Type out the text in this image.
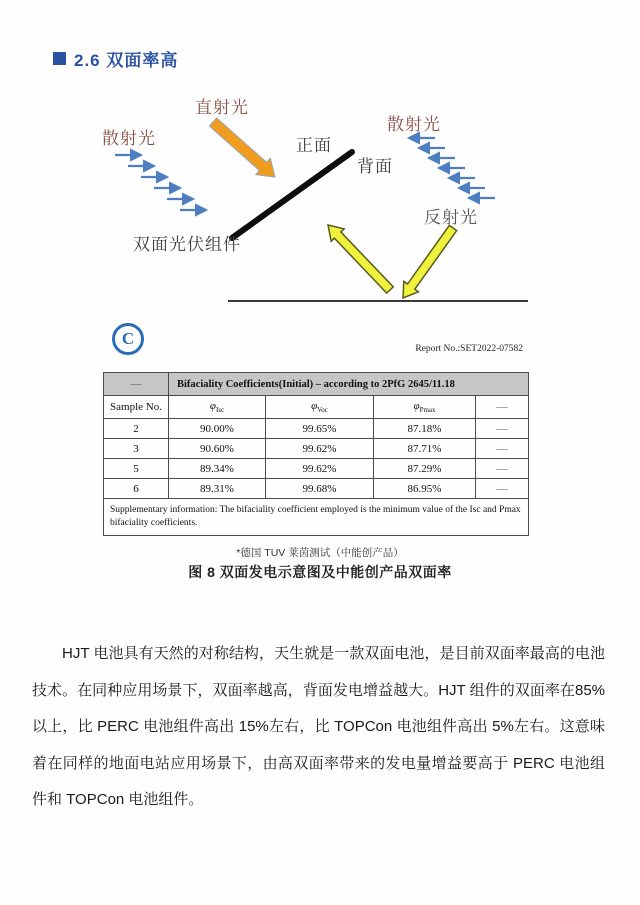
2.6 双面率高
直射光
散射光
散射光
正面
背面
反射光
双面光伏组件
C
Report No.:SET2022-07582
—	Bifaciality Coefficients(Initial) – according to 2PfG 2645/11.18			
Sample No.	$\varphi_{Isc}$	$\varphi_{Voc}$	$\varphi_{Pmax}$	—
2	90.00%	99.65%	87.18%	—
3	90.60%	99.62%	87.71%	—
5	89.34%	99.62%	87.29%	—
6	89.31%	99.68%	86.95%	—
Supplementary information: The bifaciality coefficient employed is the minimum value of the Isc and Pmax bifaciality coefficients.				
*德国 TUV 莱茵测试（中能创产品）
图 8 双面发电示意图及中能创产品双面率
HJT 电池具有天然的对称结构，天生就是一款双面电池，是目前双面率最高的电池技术。在同种应用场景下，双面率越高，背面发电增益越大。HJT 组件的双面率在85%以上，比 PERC 电池组件高出 15%左右，比 TOPCon 电池组件高出 5%左右。这意味着在同样的地面电站应用场景下，由高双面率带来的发电量增益要高于 PERC 电池组件和 TOPCon 电池组件。
